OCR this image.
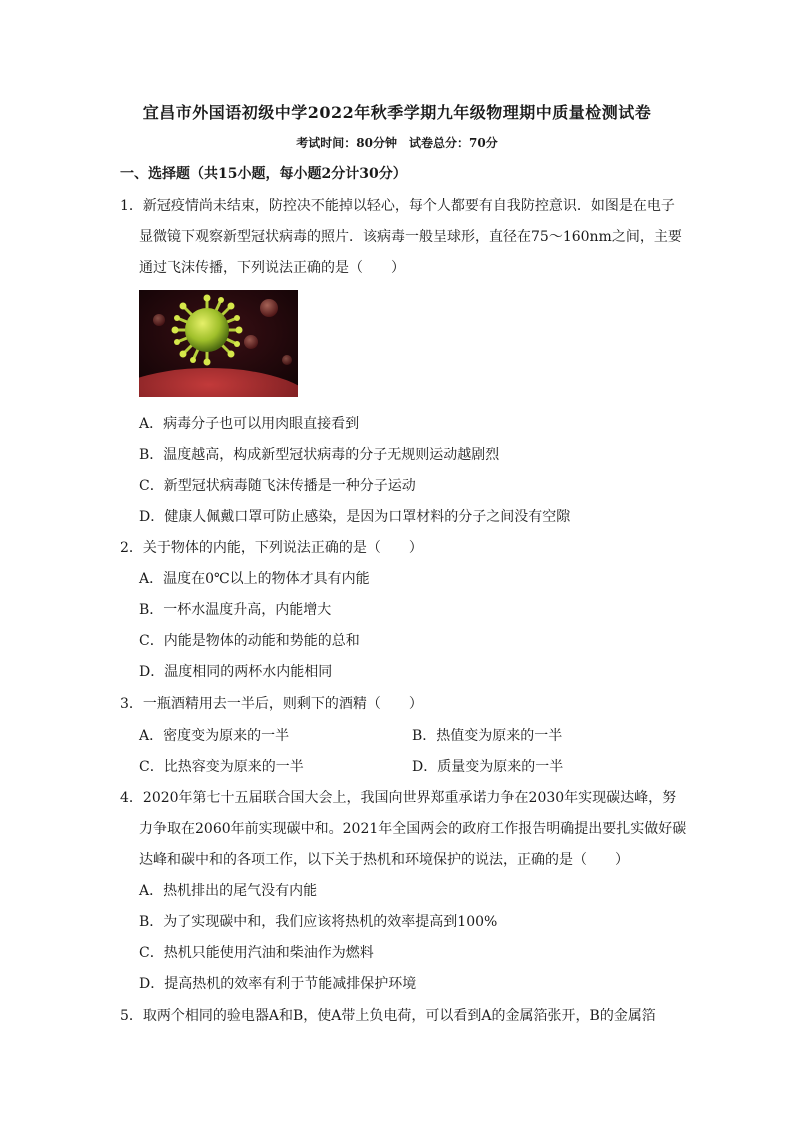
宜昌市外国语初级中学2022年秋季学期九年级物理期中质量检测试卷
考试时间：80分钟　试卷总分：70分
一、选择题（共15小题，每小题2分计30分）
1．新冠疫情尚未结束，防控决不能掉以轻心，每个人都要有自我防控意识．如图是在电子
显微镜下观察新型冠状病毒的照片．该病毒一般呈球形，直径在75～160nm之间，主要
通过飞沫传播，下列说法正确的是（　　）
A．病毒分子也可以用肉眼直接看到
B．温度越高，构成新型冠状病毒的分子无规则运动越剧烈
C．新型冠状病毒随飞沫传播是一种分子运动
D．健康人佩戴口罩可防止感染，是因为口罩材料的分子之间没有空隙
2．关于物体的内能，下列说法正确的是（　　）
A．温度在0℃以上的物体才具有内能
B．一杯水温度升高，内能增大
C．内能是物体的动能和势能的总和
D．温度相同的两杯水内能相同
3．一瓶酒精用去一半后，则剩下的酒精（　　）
A．密度变为原来的一半	B．热值变为原来的一半
C．比热容变为原来的一半	D．质量变为原来的一半
4．2020年第七十五届联合国大会上，我国向世界郑重承诺力争在2030年实现碳达峰，努
力争取在2060年前实现碳中和。2021年全国两会的政府工作报告明确提出要扎实做好碳
达峰和碳中和的各项工作，以下关于热机和环境保护的说法，正确的是（　　）
A．热机排出的尾气没有内能
B．为了实现碳中和，我们应该将热机的效率提高到100%
C．热机只能使用汽油和柴油作为燃料
D．提高热机的效率有利于节能减排保护环境
5．取两个相同的验电器A和B，使A带上负电荷，可以看到A的金属箔张开，B的金属箔
